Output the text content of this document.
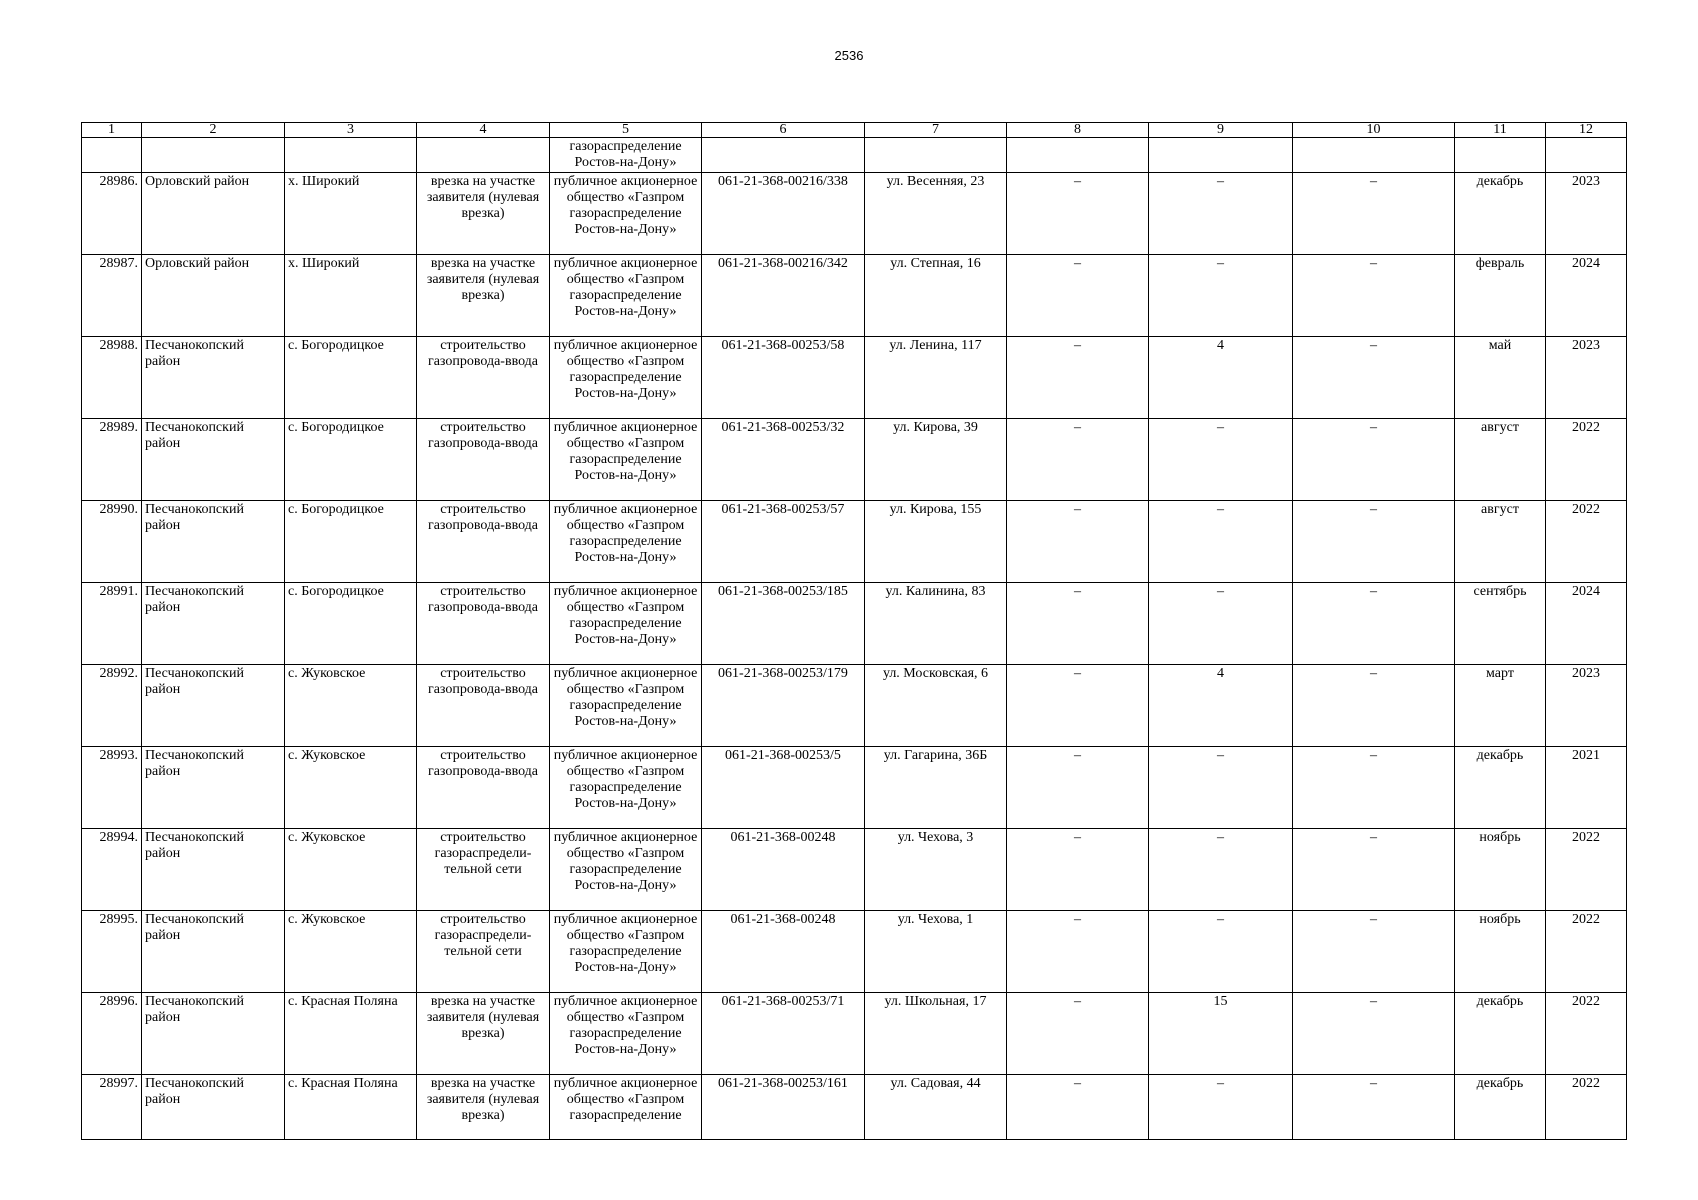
2536
1	2	3	4	5	6	7	8	9	10	11	12
				газораспределение Ростов-на-Дону»							
28986.	Орловский район	х. Широкий	врезка на участке заявителя (нулевая врезка)	публичное акционерное общество «Газпром газораспределение Ростов-на-Дону»	061-21-368-00216/338	ул. Весенняя, 23	–	–	–	декабрь	2023
28987.	Орловский район	х. Широкий	врезка на участке заявителя (нулевая врезка)	публичное акционерное общество «Газпром газораспределение Ростов-на-Дону»	061-21-368-00216/342	ул. Степная, 16	–	–	–	февраль	2024
28988.	Песчанокопский район	с. Богородицкое	строительство газопровода-ввода	публичное акционерное общество «Газпром газораспределение Ростов-на-Дону»	061-21-368-00253/58	ул. Ленина, 117	–	4	–	май	2023
28989.	Песчанокопский район	с. Богородицкое	строительство газопровода-ввода	публичное акционерное общество «Газпром газораспределение Ростов-на-Дону»	061-21-368-00253/32	ул. Кирова, 39	–	–	–	август	2022
28990.	Песчанокопский район	с. Богородицкое	строительство газопровода-ввода	публичное акционерное общество «Газпром газораспределение Ростов-на-Дону»	061-21-368-00253/57	ул. Кирова, 155	–	–	–	август	2022
28991.	Песчанокопский район	с. Богородицкое	строительство газопровода-ввода	публичное акционерное общество «Газпром газораспределение Ростов-на-Дону»	061-21-368-00253/185	ул. Калинина, 83	–	–	–	сентябрь	2024
28992.	Песчанокопский район	с. Жуковское	строительство газопровода-ввода	публичное акционерное общество «Газпром газораспределение Ростов-на-Дону»	061-21-368-00253/179	ул. Московская, 6	–	4	–	март	2023
28993.	Песчанокопский район	с. Жуковское	строительство газопровода-ввода	публичное акционерное общество «Газпром газораспределение Ростов-на-Дону»	061-21-368-00253/5	ул. Гагарина, 36Б	–	–	–	декабрь	2021
28994.	Песчанокопский район	с. Жуковское	строительство газораспредели-тельной сети	публичное акционерное общество «Газпром газораспределение Ростов-на-Дону»	061-21-368-00248	ул. Чехова, 3	–	–	–	ноябрь	2022
28995.	Песчанокопский район	с. Жуковское	строительство газораспредели-тельной сети	публичное акционерное общество «Газпром газораспределение Ростов-на-Дону»	061-21-368-00248	ул. Чехова, 1	–	–	–	ноябрь	2022
28996.	Песчанокопский район	с. Красная Поляна	врезка на участке заявителя (нулевая врезка)	публичное акционерное общество «Газпром газораспределение Ростов-на-Дону»	061-21-368-00253/71	ул. Школьная, 17	–	15	–	декабрь	2022
28997.	Песчанокопский район	с. Красная Поляна	врезка на участке заявителя (нулевая врезка)	публичное акционерное общество «Газпром газораспределение	061-21-368-00253/161	ул. Садовая, 44	–	–	–	декабрь	2022
